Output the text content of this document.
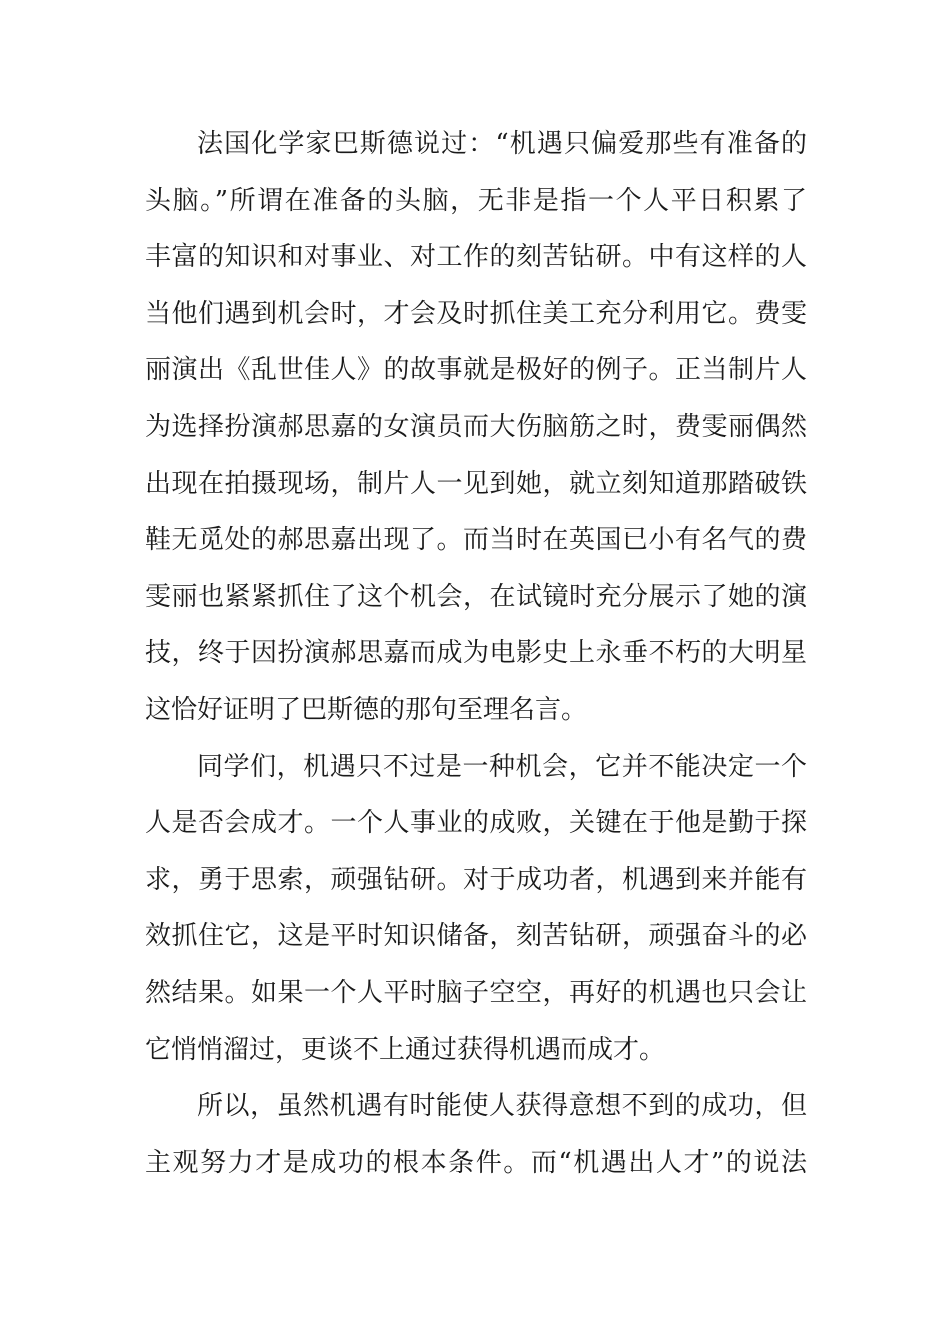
法国化学家巴斯德说过：“机遇只偏爱那些有准备的
头脑。”所谓在准备的头脑，无非是指一个人平日积累了
丰富的知识和对事业、对工作的刻苦钻研。中有这样的人
当他们遇到机会时，才会及时抓住美工充分利用它。费雯
丽演出《乱世佳人》的故事就是极好的例子。正当制片人
为选择扮演郝思嘉的女演员而大伤脑筋之时，费雯丽偶然
出现在拍摄现场，制片人一见到她，就立刻知道那踏破铁
鞋无觅处的郝思嘉出现了。而当时在英国已小有名气的费
雯丽也紧紧抓住了这个机会，在试镜时充分展示了她的演
技，终于因扮演郝思嘉而成为电影史上永垂不朽的大明星
这恰好证明了巴斯德的那句至理名言。
同学们，机遇只不过是一种机会，它并不能决定一个
人是否会成才。一个人事业的成败，关键在于他是勤于探
求，勇于思索，顽强钻研。对于成功者，机遇到来并能有
效抓住它，这是平时知识储备，刻苦钻研，顽强奋斗的必
然结果。如果一个人平时脑子空空，再好的机遇也只会让
它悄悄溜过，更谈不上通过获得机遇而成才。
所以，虽然机遇有时能使人获得意想不到的成功，但
主观努力才是成功的根本条件。而“机遇出人才”的说法
